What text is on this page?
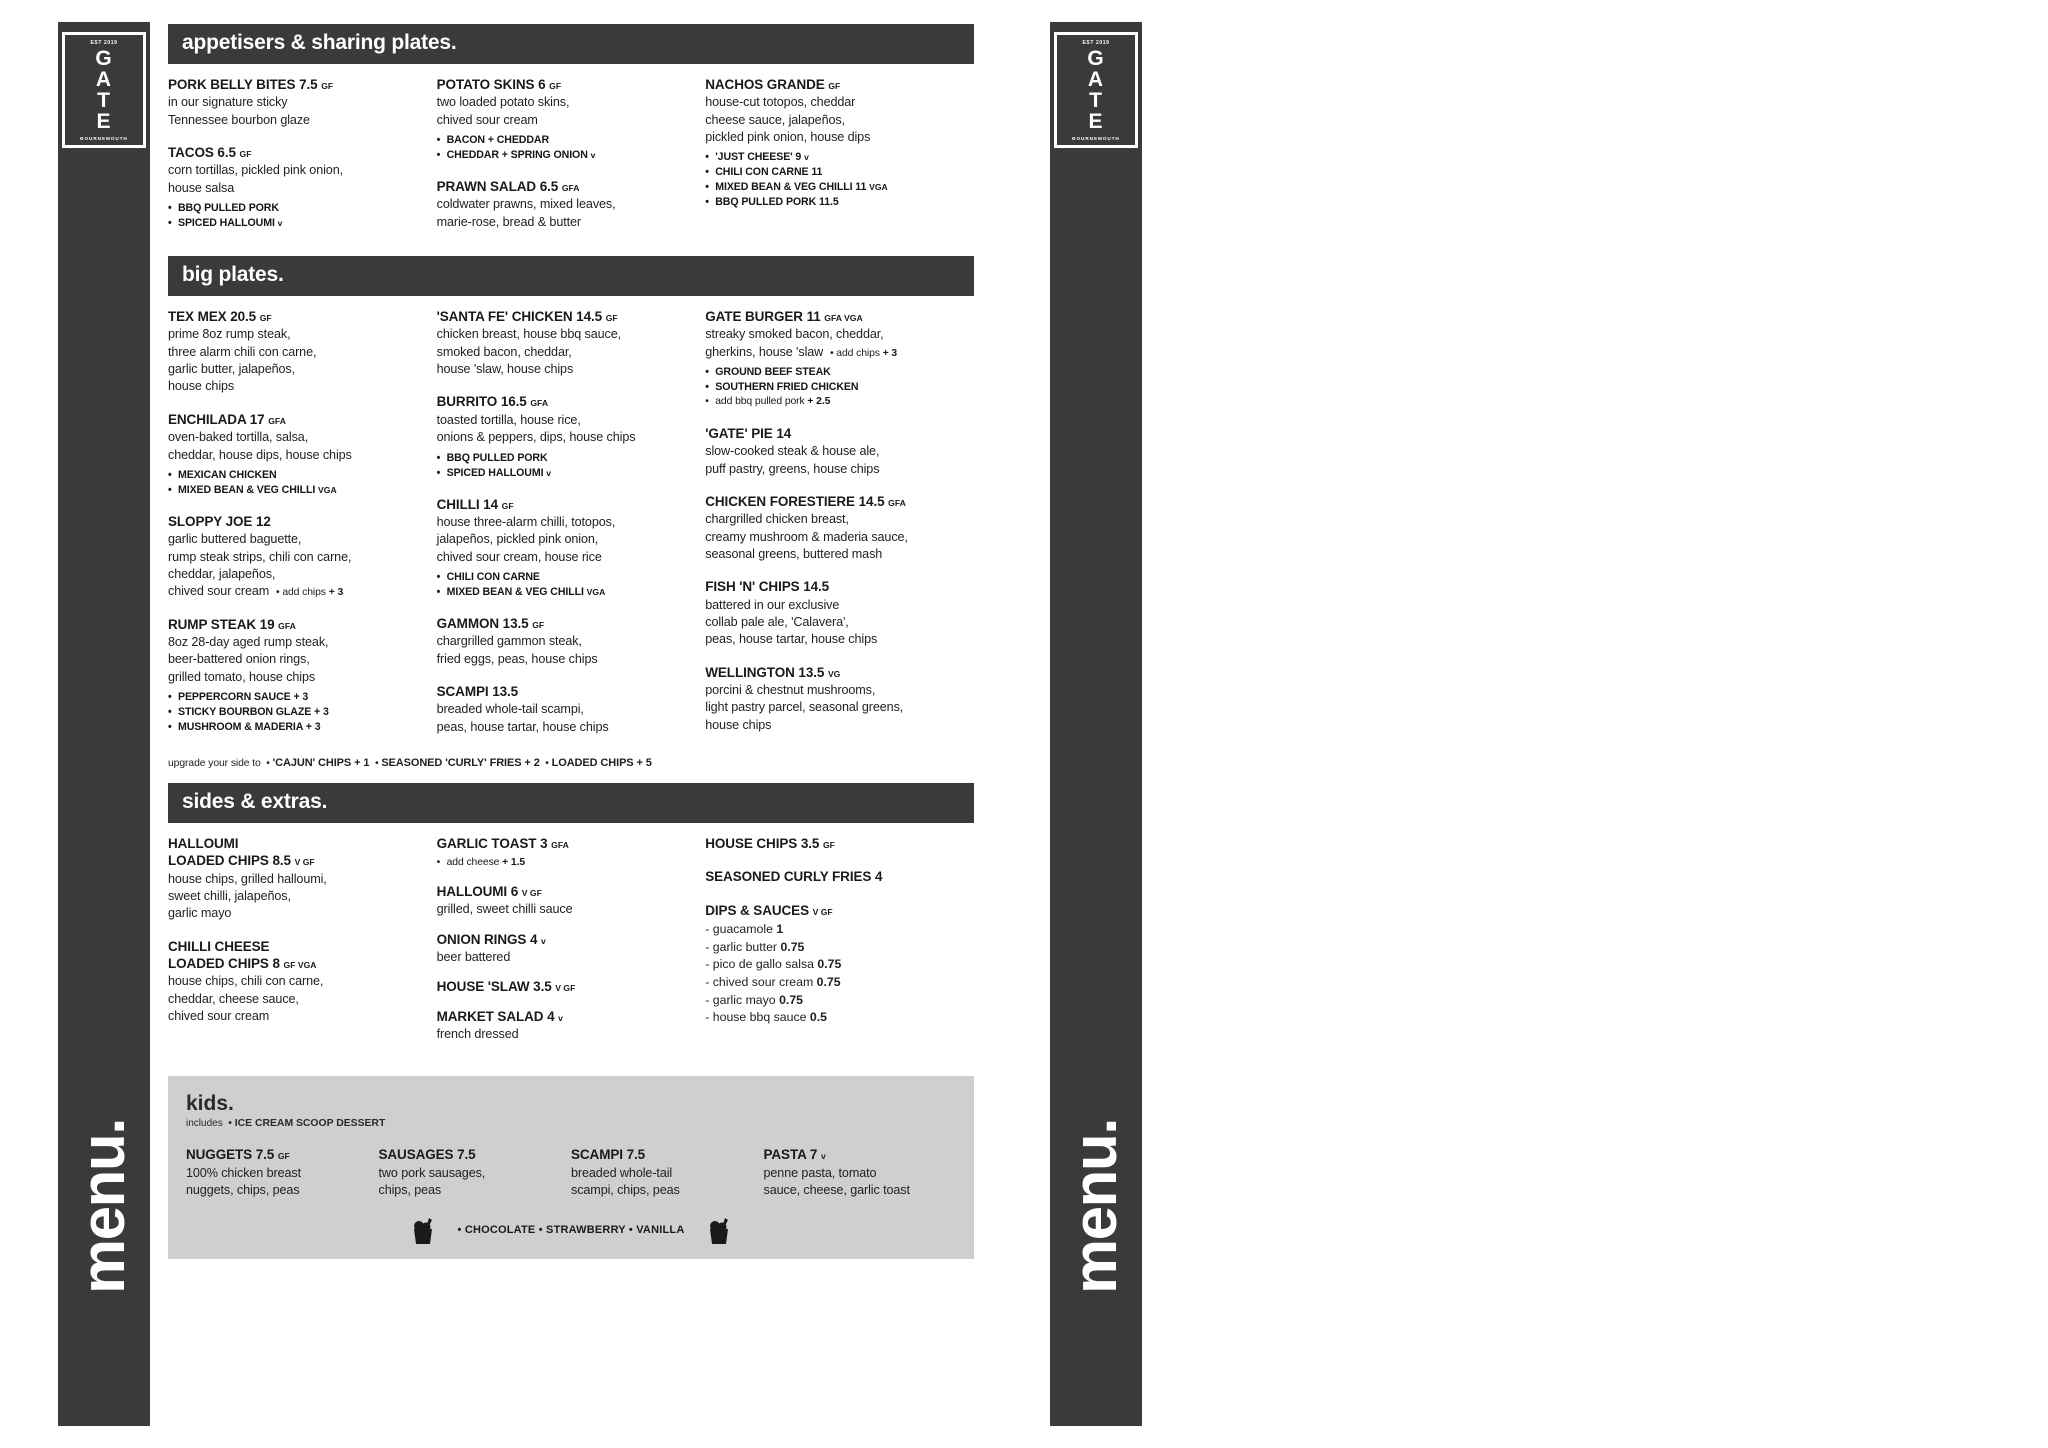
EST 2019
G
A
T
E
BOURNEMOUTH
menu.
appetisers & sharing plates.
PORK BELLY BITES 7.5 GF
in our signature sticky
Tennessee bourbon glaze
TACOS 6.5 GF
corn tortillas, pickled pink onion,
house salsa
• BBQ PULLED PORK
• SPICED HALLOUMI v
POTATO SKINS 6 GF
two loaded potato skins,
chived sour cream
• BACON + CHEDDAR
• CHEDDAR + SPRING ONION v
PRAWN SALAD 6.5 GFA
coldwater prawns, mixed leaves,
marie-rose, bread & butter
NACHOS GRANDE GF
house-cut totopos, cheddar
cheese sauce, jalapeños,
pickled pink onion, house dips
• 'JUST CHEESE' 9 v
• CHILI CON CARNE 11
• MIXED BEAN & VEG CHILLI 11 VGA
• BBQ PULLED PORK 11.5
big plates.
TEX MEX 20.5 GF
prime 8oz rump steak,
three alarm chili con carne,
garlic butter, jalapeños,
house chips
ENCHILADA 17 GFA
oven-baked tortilla, salsa,
cheddar, house dips, house chips
• MEXICAN CHICKEN
• MIXED BEAN & VEG CHILLI VGA
SLOPPY JOE 12
garlic buttered baguette,
rump steak strips, chili con carne,
cheddar, jalapeños,
chived sour cream  • add chips + 3
RUMP STEAK 19 GFA
8oz 28-day aged rump steak,
beer-battered onion rings,
grilled tomato, house chips
• PEPPERCORN SAUCE + 3
• STICKY BOURBON GLAZE + 3
• MUSHROOM & MADERIA + 3
'SANTA FE' CHICKEN 14.5 GF
chicken breast, house bbq sauce,
smoked bacon, cheddar,
house 'slaw, house chips
BURRITO 16.5 GFA
toasted tortilla, house rice,
onions & peppers, dips, house chips
• BBQ PULLED PORK
• SPICED HALLOUMI v
CHILLI 14 GF
house three-alarm chilli, totopos,
jalapeños, pickled pink onion,
chived sour cream, house rice
• CHILI CON CARNE
• MIXED BEAN & VEG CHILLI VGA
GAMMON 13.5 GF
chargrilled gammon steak,
fried eggs, peas, house chips
SCAMPI 13.5
breaded whole-tail scampi,
peas, house tartar, house chips
GATE BURGER 11 GFA VGA
streaky smoked bacon, cheddar,
gherkins, house 'slaw  • add chips + 3
• GROUND BEEF STEAK
• SOUTHERN FRIED CHICKEN
• add bbq pulled pork + 2.5
'GATE' PIE 14
slow-cooked steak & house ale,
puff pastry, greens, house chips
CHICKEN FORESTIERE 14.5 GFA
chargrilled chicken breast,
creamy mushroom & maderia sauce,
seasonal greens, buttered mash
FISH 'N' CHIPS 14.5
battered in our exclusive
collab pale ale, 'Calavera',
peas, house tartar, house chips
WELLINGTON 13.5 VG
porcini & chestnut mushrooms,
light pastry parcel, seasonal greens,
house chips
upgrade your side to  • 'CAJUN' CHIPS + 1  • SEASONED 'CURLY' FRIES + 2  • LOADED CHIPS + 5
sides & extras.
HALLOUMI
LOADED CHIPS 8.5 V GF
house chips, grilled halloumi,
sweet chilli, jalapeños,
garlic mayo
CHILLI CHEESE
LOADED CHIPS 8 GF VGA
house chips, chili con carne,
cheddar, cheese sauce,
chived sour cream
GARLIC TOAST 3 GFA
• add cheese + 1.5
HALLOUMI 6 V GF
grilled, sweet chilli sauce
ONION RINGS 4 v
beer battered
HOUSE 'SLAW 3.5 V GF
MARKET SALAD 4 v
french dressed
HOUSE CHIPS 3.5 GF
SEASONED CURLY FRIES 4
DIPS & SAUCES V GF
- guacamole 1
- garlic butter 0.75
- pico de gallo salsa 0.75
- chived sour cream 0.75
- garlic mayo 0.75
- house bbq sauce 0.5
kids.
includes • ICE CREAM SCOOP DESSERT
NUGGETS 7.5 GF
100% chicken breast
nuggets, chips, peas
SAUSAGES 7.5
two pork sausages,
chips, peas
SCAMPI 7.5
breaded whole-tail
scampi, chips, peas
PASTA 7 v
penne pasta, tomato
sauce, cheese, garlic toast
• CHOCOLATE • STRAWBERRY • VANILLA
EST 2019
G
A
T
E
BOURNEMOUTH
menu.
